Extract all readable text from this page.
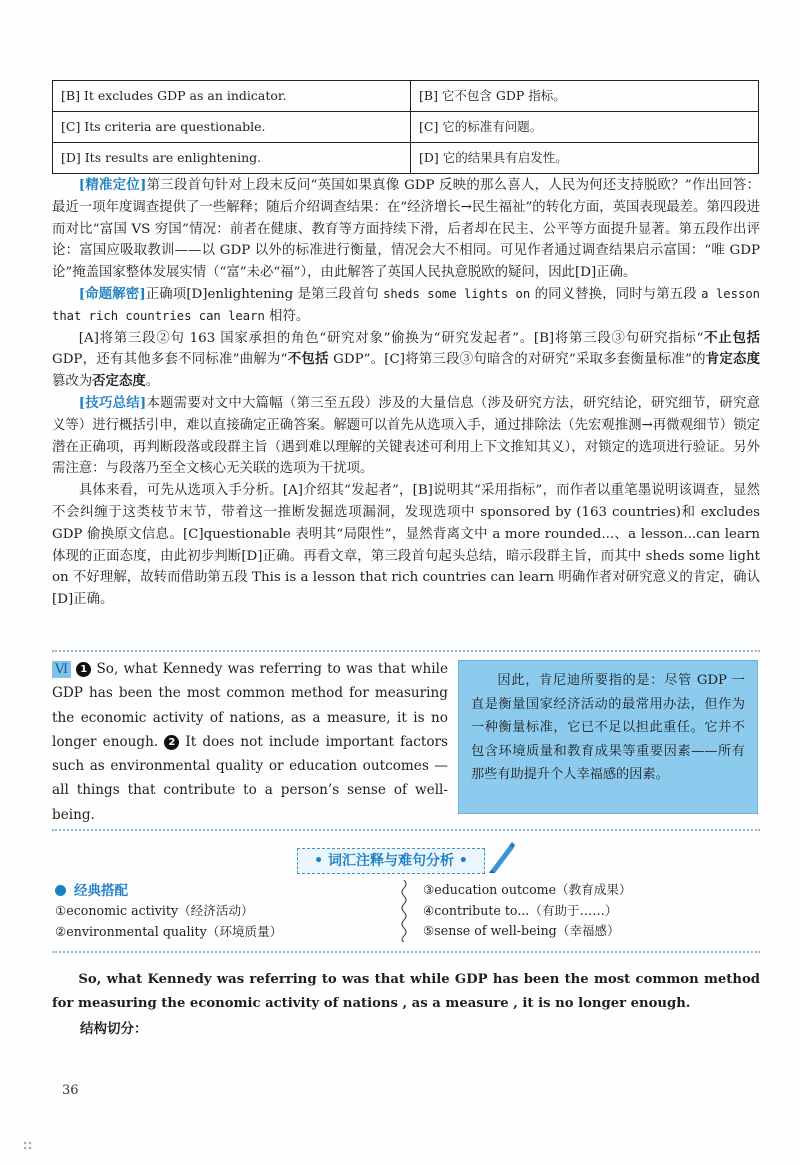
[B] It excludes GDP as an indicator.	[B] 它不包含 GDP 指标。
[C] Its criteria are questionable.	[C] 它的标准有问题。
[D] Its results are enlightening.	[D] 它的结果具有启发性。

[精准定位]第三段首句针对上段末反问“英国如果真像 GDP 反映的那么喜人，人民为何还支持脱欧？”作出回答：最近一项年度调查提供了一些解释；随后介绍调查结果：在“经济增长→民生福祉”的转化方面，英国表现最差。第四段进而对比“富国 VS 穷国”情况：前者在健康、教育等方面持续下滑，后者却在民主、公平等方面提升显著。第五段作出评论：富国应吸取教训——以 GDP 以外的标准进行衡量，情况会大不相同。可见作者通过调查结果启示富国：“唯 GDP 论”掩盖国家整体发展实情（“富”未必“福”），由此解答了英国人民执意脱欧的疑问，因此[D]正确。

[命题解密]正确项[D]enlightening 是第三段首句 sheds some lights on 的同义替换，同时与第五段 a lesson that rich countries can learn 相符。

[A]将第三段②句 163 国家承担的角色“研究对象”偷换为“研究发起者”。[B]将第三段③句研究指标“不止包括 GDP，还有其他多套不同标准”曲解为“不包括 GDP”。[C]将第三段③句暗含的对研究“采取多套衡量标准”的肯定态度篡改为否定态度。

[技巧总结]本题需要对文中大篇幅（第三至五段）涉及的大量信息（涉及研究方法，研究结论，研究细节，研究意义等）进行概括引申，难以直接确定正确答案。解题可以首先从选项入手，通过排除法（先宏观推测→再微观细节）锁定潜在正确项，再判断段落或段群主旨（遇到难以理解的关键表述可利用上下文推知其义），对锁定的选项进行验证。另外需注意：与段落乃至全文核心无关联的选项为干扰项。

具体来看，可先从选项入手分析。[A]介绍其“发起者”，[B]说明其“采用指标”，而作者以重笔墨说明该调查，显然不会纠缠于这类枝节末节，带着这一推断发掘选项漏洞，发现选项中 sponsored by (163 countries)和 excludes GDP 偷换原文信息。[C]questionable 表明其“局限性”，显然背离文中 a more rounded...、a lesson...can learn 体现的正面态度，由此初步判断[D]正确。再看文章，第三段首句起头总结，暗示段群主旨，而其中 sheds some light on 不好理解，故转而借助第五段 This is a lesson that rich countries can learn 明确作者对研究意义的肯定，确认[D]正确。

Ⅵ 1 So, what Kennedy was referring to was that while GDP has been the most common method for measuring the economic activity of nations, as a measure, it is no longer enough. 2 It does not include important factors such as environmental quality or education outcomes — all things that contribute to a person’s sense of well-being.

因此，肯尼迪所要指的是：尽管 GDP 一直是衡量国家经济活动的最常用办法，但作为一种衡量标准，它已不足以担此重任。它并不包含环境质量和教育成果等重要因素——所有那些有助提升个人幸福感的因素。

• 词汇注释与难句分析 •
经典搭配
①economic activity（经济活动）
②environmental quality（环境质量）
③education outcome（教育成果）
④contribute to...（有助于……）
⑤sense of well-being（幸福感）

So, what Kennedy was referring to was that while GDP has been the most common method for measuring the economic activity of nations , as a measure , it is no longer enough.

结构切分：
36
